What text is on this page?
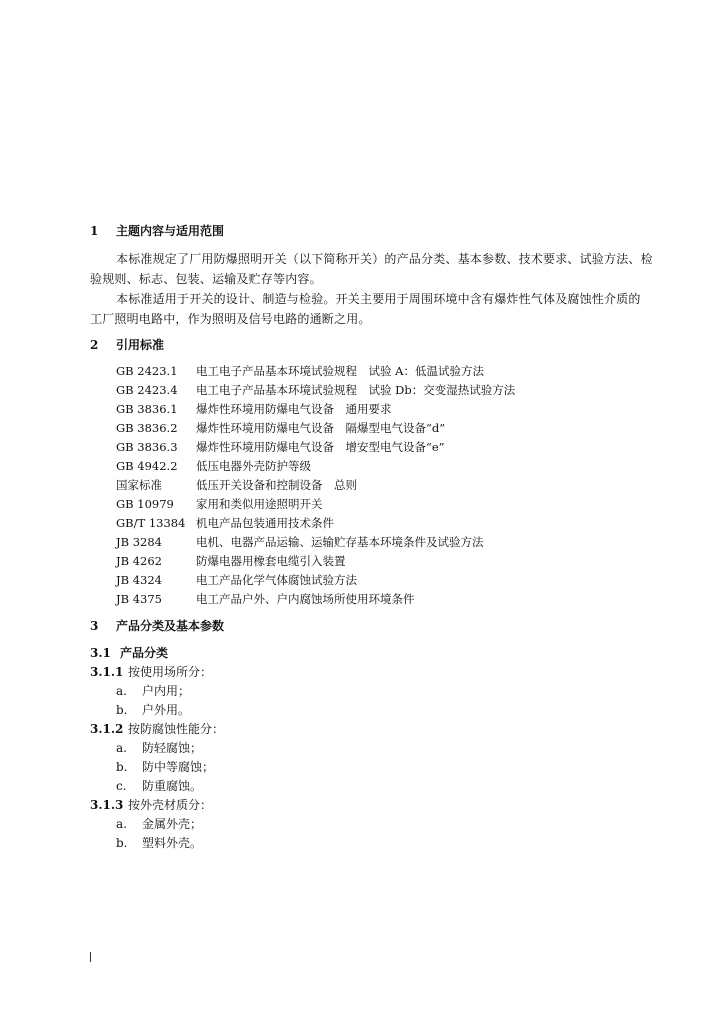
1 主题内容与适用范围
本标准规定了厂用防爆照明开关（以下简称开关）的产品分类、基本参数、技术要求、试验方法、检
验规则、标志、包装、运输及贮存等内容。
本标准适用于开关的设计、制造与检验。开关主要用于周围环境中含有爆炸性气体及腐蚀性介质的
工厂照明电路中，作为照明及信号电路的通断之用。
2 引用标准
GB 2423.1 电工电子产品基本环境试验规程　试验 A：低温试验方法
GB 2423.4 电工电子产品基本环境试验规程　试验 Db：交变湿热试验方法
GB 3836.1 爆炸性环境用防爆电气设备　通用要求
GB 3836.2 爆炸性环境用防爆电气设备　隔爆型电气设备“d”
GB 3836.3 爆炸性环境用防爆电气设备　增安型电气设备“e”
GB 4942.2 低压电器外壳防护等级
国家标准	低压开关设备和控制设备　总则
GB 10979 家用和类似用途照明开关
GB/T 13384 机电产品包装通用技术条件
JB 3284	电机、电器产品运输、运输贮存基本环境条件及试验方法
JB 4262	防爆电器用橡套电缆引入装置
JB 4324	电工产品化学气体腐蚀试验方法
JB 4375	电工产品户外、户内腐蚀场所使用环境条件
3 产品分类及基本参数
3.1 产品分类
3.1.1 按使用场所分：
a. 户内用；
b. 户外用。
3.1.2 按防腐蚀性能分：
a. 防轻腐蚀；
b. 防中等腐蚀；
c. 防重腐蚀。
3.1.3 按外壳材质分：
a. 金属外壳；
b. 塑料外壳。
